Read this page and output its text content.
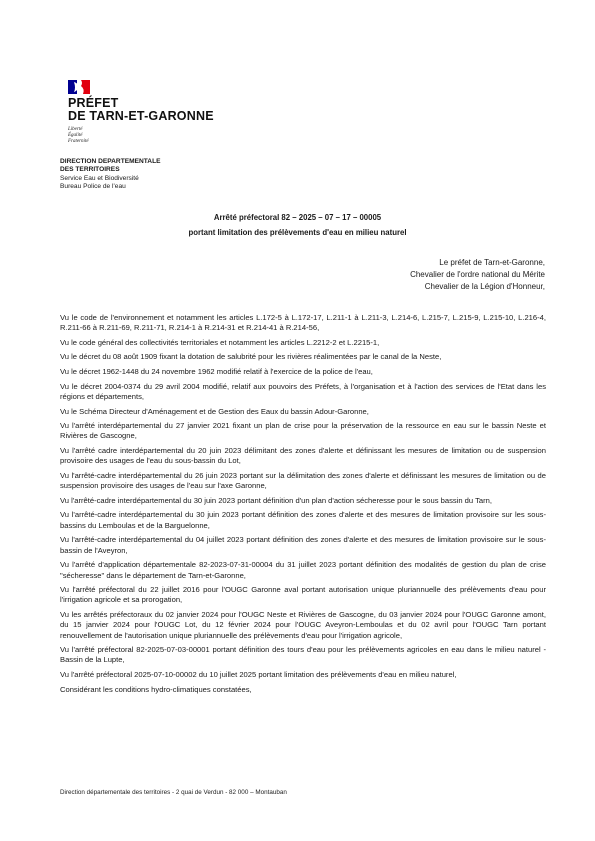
PRÉFET
DE TARN-ET-GARONNE
Liberté
Égalité
Fraternité
DIRECTION DEPARTEMENTALE
DES TERRITOIRES
Service Eau et Biodiversité
Bureau Police de l'eau
Arrêté préfectoral 82 – 2025 – 07 – 17 – 00005
portant limitation des prélèvements d'eau en milieu naturel
Le préfet de Tarn-et-Garonne,
Chevalier de l'ordre national du Mérite
Chevalier de la Légion d'Honneur,

Vu le code de l'environnement et notamment les articles L.172-5 à L.172-17, L.211-1 à L.211-3, L.214-6, L.215-7, L.215-9, L.215-10, L.216-4, R.211-66 à R.211-69, R.211-71, R.214-1 à R.214-31 et R.214-41 à R.214-56,

Vu le code général des collectivités territoriales et notamment les articles L.2212-2 et L.2215-1,

Vu le décret du 08 août 1909 fixant la dotation de salubrité pour les rivières réalimentées par le canal de la Neste,

Vu le décret 1962-1448 du 24 novembre 1962 modifié relatif à l'exercice de la police de l'eau,

Vu le décret 2004-0374 du 29 avril 2004 modifié, relatif aux pouvoirs des Préfets, à l'organisation et à l'action des services de l'Etat dans les régions et départements,

Vu le Schéma Directeur d'Aménagement et de Gestion des Eaux du bassin Adour-Garonne,

Vu l'arrêté interdépartemental du 27 janvier 2021 fixant un plan de crise pour la préservation de la ressource en eau sur le bassin Neste et Rivières de Gascogne,

Vu l'arrêté cadre interdépartemental du 20 juin 2023 délimitant des zones d'alerte et définissant les mesures de limitation ou de suspension provisoire des usages de l'eau du sous-bassin du Lot,

Vu l'arrêté-cadre interdépartemental du 26 juin 2023 portant sur la délimitation des zones d'alerte et définissant les mesures de limitation ou de suspension provisoire des usages de l'eau sur l'axe Garonne,

Vu l'arrêté-cadre interdépartemental du 30 juin 2023 portant définition d'un plan d'action sécheresse pour le sous bassin du Tarn,

Vu l'arrêté-cadre interdépartemental du 30 juin 2023 portant définition des zones d'alerte et des mesures de limitation provisoire sur les sous-bassins du Lemboulas et de la Barguelonne,

Vu l'arrêté-cadre interdépartemental du 04 juillet 2023 portant définition des zones d'alerte et des mesures de limitation provisoire sur le sous-bassin de l'Aveyron,

Vu l'arrêté d'application départementale 82-2023-07-31-00004 du 31 juillet 2023 portant définition des modalités de gestion du plan de crise "sécheresse" dans le département de Tarn-et-Garonne,

Vu l'arrêté préfectoral du 22 juillet 2016 pour l'OUGC Garonne aval portant autorisation unique pluriannuelle des prélèvements d'eau pour l'irrigation agricole et sa prorogation,

Vu les arrêtés préfectoraux du 02 janvier 2024 pour l'OUGC Neste et Rivières de Gascogne, du 03 janvier 2024 pour l'OUGC Garonne amont, du 15 janvier 2024 pour l'OUGC Lot, du 12 février 2024 pour l'OUGC Aveyron-Lemboulas et du 02 avril pour l'OUGC Tarn portant renouvellement de l'autorisation unique pluriannuelle des prélèvements d'eau pour l'irrigation agricole,

Vu l'arrêté préfectoral 82-2025-07-03-00001 portant définition des tours d'eau pour les prélèvements agricoles en eau dans le milieu naturel - Bassin de la Lupte,

Vu l'arrêté préfectoral 2025-07-10-00002 du 10 juillet 2025 portant limitation des prélèvements d'eau en milieu naturel,

Considérant les conditions hydro-climatiques constatées,

Direction départementale des territoires - 2 quai de Verdun - 82 000 – Montauban
